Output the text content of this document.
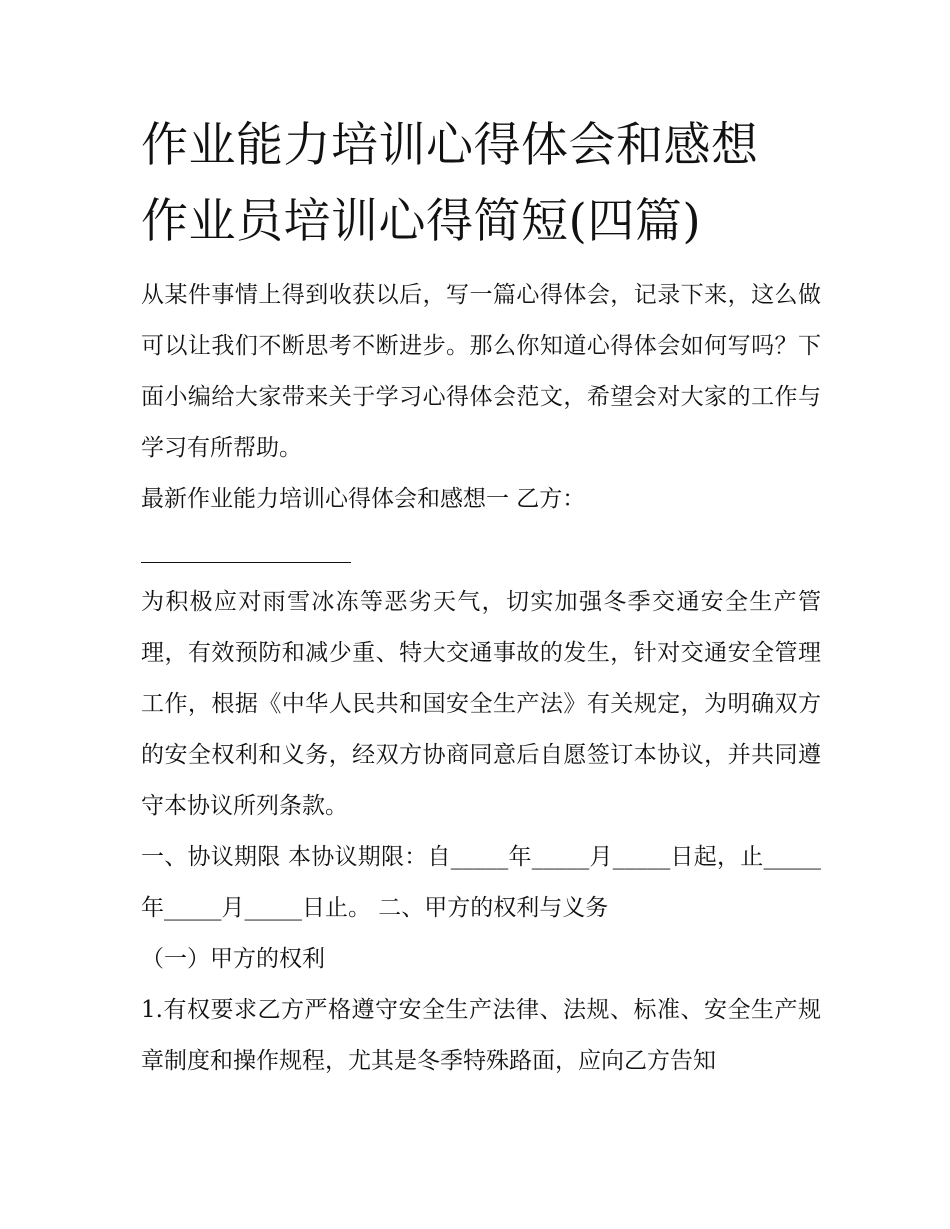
作业能力培训心得体会和感想
作业员培训心得简短(四篇)

从某件事情上得到收获以后，写一篇心得体会，记录下来，这么做可以让我们不断思考不断进步。那么你知道心得体会如何写吗？下面小编给大家带来关于学习心得体会范文，希望会对大家的工作与学习有所帮助。

最新作业能力培训心得体会和感想一 乙方：

为积极应对雨雪冰冻等恶劣天气，切实加强冬季交通安全生产管理，有效预防和减少重、特大交通事故的发生，针对交通安全管理工作，根据《中华人民共和国安全生产法》有关规定，为明确双方的安全权利和义务，经双方协商同意后自愿签订本协议，并共同遵守本协议所列条款。

一、协议期限 本协议期限：自_____年_____月_____日起，止_____年_____月_____日止。 二、甲方的权利与义务

（一）甲方的权利

1.有权要求乙方严格遵守安全生产法律、法规、标准、安全生产规章制度和操作规程，尤其是冬季特殊路面，应向乙方告知
